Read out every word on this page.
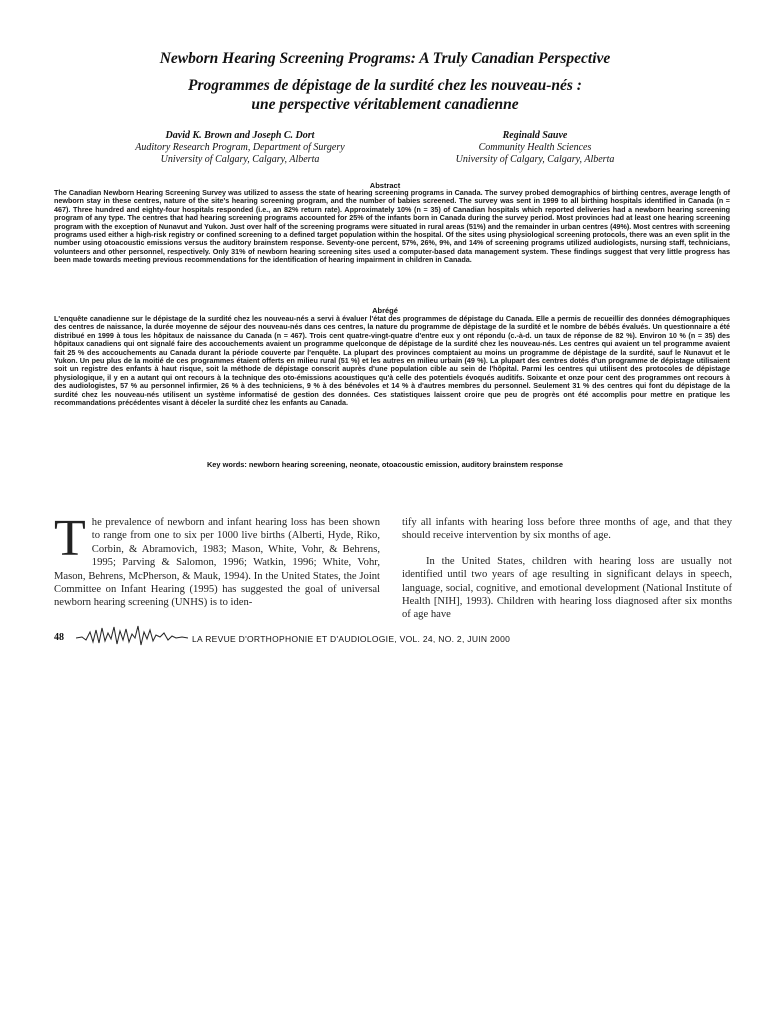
Newborn Hearing Screening Programs: A Truly Canadian Perspective
Programmes de dépistage de la surdité chez les nouveau-nés :
une perspective véritablement canadienne
David K. Brown and Joseph C. Dort
Auditory Research Program, Department of Surgery
University of Calgary, Calgary, Alberta
Reginald Sauve
Community Health Sciences
University of Calgary, Calgary, Alberta
Abstract
The Canadian Newborn Hearing Screening Survey was utilized to assess the state of hearing screening programs in Canada. The survey probed demographics of birthing centres, average length of newborn stay in these centres, nature of the site's hearing screening program, and the number of babies screened. The survey was sent in 1999 to all birthing hospitals identified in Canada (n = 467). Three hundred and eighty-four hospitals responded (i.e., an 82% return rate). Approximately 10% (n = 35) of Canadian hospitals which reported deliveries had a newborn hearing screening program of any type. The centres that had hearing screening programs accounted for 25% of the infants born in Canada during the survey period. Most provinces had at least one hearing screening program with the exception of Nunavut and Yukon. Just over half of the screening programs were situated in rural areas (51%) and the remainder in urban centres (49%). Most centres with screening programs used either a high-risk registry or confined screening to a defined target population within the hospital. Of the sites using physiological screening protocols, there was an even split in the number using otoacoustic emissions versus the auditory brainstem response. Seventy-one percent, 57%, 26%, 9%, and 14% of screening programs utilized audiologists, nursing staff, technicians, volunteers and other personnel, respectively. Only 31% of newborn hearing screening sites used a computer-based data management system. These findings suggest that very little progress has been made towards meeting previous recommendations for the identification of hearing impairment in children in Canada.
Abrégé
L'enquête canadienne sur le dépistage de la surdité chez les nouveau-nés a servi à évaluer l'état des programmes de dépistage du Canada. Elle a permis de recueillir des données démographiques des centres de naissance, la durée moyenne de séjour des nouveau-nés dans ces centres, la nature du programme de dépistage de la surdité et le nombre de bébés évalués. Un questionnaire a été distribué en 1999 à tous les hôpitaux de naissance du Canada (n = 467). Trois cent quatre-vingt-quatre d'entre eux y ont répondu (c.-à-d. un taux de réponse de 82 %). Environ 10 % (n = 35) des hôpitaux canadiens qui ont signalé faire des accouchements avaient un programme quelconque de dépistage de la surdité chez les nouveau-nés. Les centres qui avaient un tel programme avaient fait 25 % des accouchements au Canada durant la période couverte par l'enquête. La plupart des provinces comptaient au moins un programme de dépistage de la surdité, sauf le Nunavut et le Yukon. Un peu plus de la moitié de ces programmes étaient offerts en milieu rural (51 %) et les autres en milieu urbain (49 %). La plupart des centres dotés d'un programme de dépistage utilisaient soit un registre des enfants à haut risque, soit la méthode de dépistage conscrit auprès d'une population cible au sein de l'hôpital. Parmi les centres qui utilisent des protocoles de dépistage physiologique, il y en a autant qui ont recours à la technique des oto-émissions acoustiques qu'à celle des potentiels évoqués auditifs. Soixante et onze pour cent des programmes ont recours à des audiologistes, 57 % au personnel infirmier, 26 % à des techniciens, 9 % à des bénévoles et 14 % à d'autres membres du personnel. Seulement 31 % des centres qui font du dépistage de la surdité chez les nouveau-nés utilisent un système informatisé de gestion des données. Ces statistiques laissent croire que peu de progrès ont été accomplis pour mettre en pratique les recommandations précédentes visant à déceler la surdité chez les enfants au Canada.
Key words: newborn hearing screening, neonate, otoacoustic emission, auditory brainstem response

The prevalence of newborn and infant hearing loss has been shown to range from one to six per 1000 live births (Alberti, Hyde, Riko, Corbin, & Abramovich, 1983; Mason, White, Vohr, & Behrens, 1995; Parving & Salomon, 1996; Watkin, 1996; White, Vohr, Mason, Behrens, McPherson, & Mauk, 1994). In the United States, the Joint Committee on Infant Hearing (1995) has suggested the goal of universal newborn hearing screening (UNHS) is to iden-

tify all infants with hearing loss before three months of age, and that they should receive intervention by six months of age.

In the United States, children with hearing loss are usually not identified until two years of age resulting in significant delays in speech, language, social, cognitive, and emotional development (National Institute of Health [NIH], 1993). Children with hearing loss diagnosed after six months of age have

48	LA REVUE D'ORTHOPHONIE ET D'AUDIOLOGIE, VOL. 24, NO. 2, JUIN 2000
